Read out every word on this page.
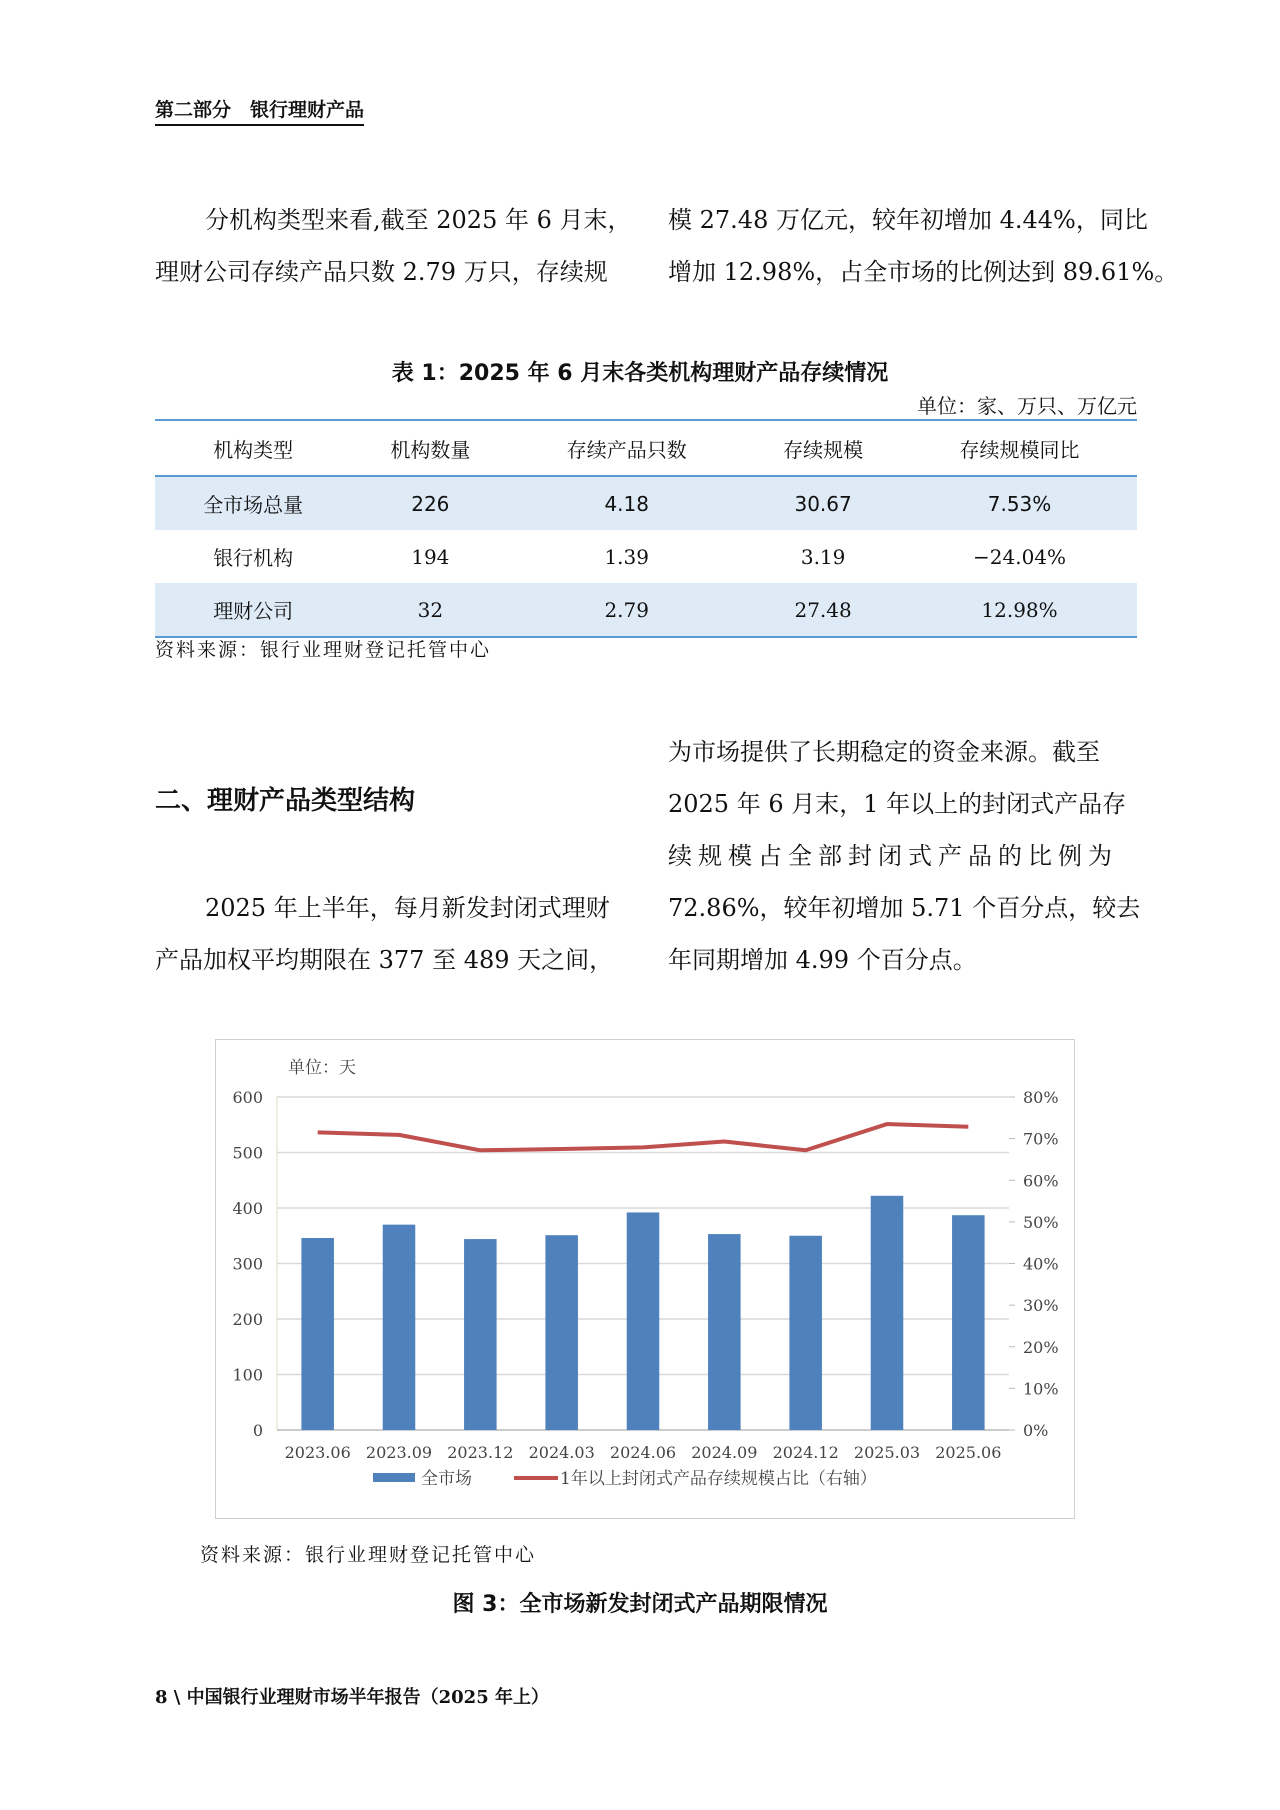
第二部分　银行理财产品
分机构类型来看,截至 2025 年 6 月末，
理财公司存续产品只数 2.79 万只，存续规
模 27.48 万亿元，较年初增加 4.44%，同比
增加 12.98%，占全市场的比例达到 89.61%。
表 1：2025 年 6 月末各类机构理财产品存续情况
单位：家、万只、万亿元
机构类型	机构数量	存续产品只数	存续规模	存续规模同比
全市场总量	226	4.18	30.67	7.53%
银行机构	194	1.39	3.19	−24.04%
理财公司	32	2.79	27.48	12.98%
资料来源：银行业理财登记托管中心
二、理财产品类型结构
2025 年上半年，每月新发封闭式理财
产品加权平均期限在 377 至 489 天之间，
为市场提供了长期稳定的资金来源。截至
2025 年 6 月末，1 年以上的封闭式产品存
续规模占全部封闭式产品的比例为
72.86%，较年初增加 5.71 个百分点，较去
年同期增加 4.99 个百分点。
单位：天
0
100
200
300
400
500
600
0%
10%
20%
30%
40%
50%
60%
70%
80%
2023.06 2023.09 2023.12 2024.03 2024.06 2024.09 2024.12 2025.03 2025.06
全市场	1年以上封闭式产品存续规模占比（右轴）
资料来源：银行业理财登记托管中心
图 3：全市场新发封闭式产品期限情况
8 \ 中国银行业理财市场半年报告（2025 年上）
